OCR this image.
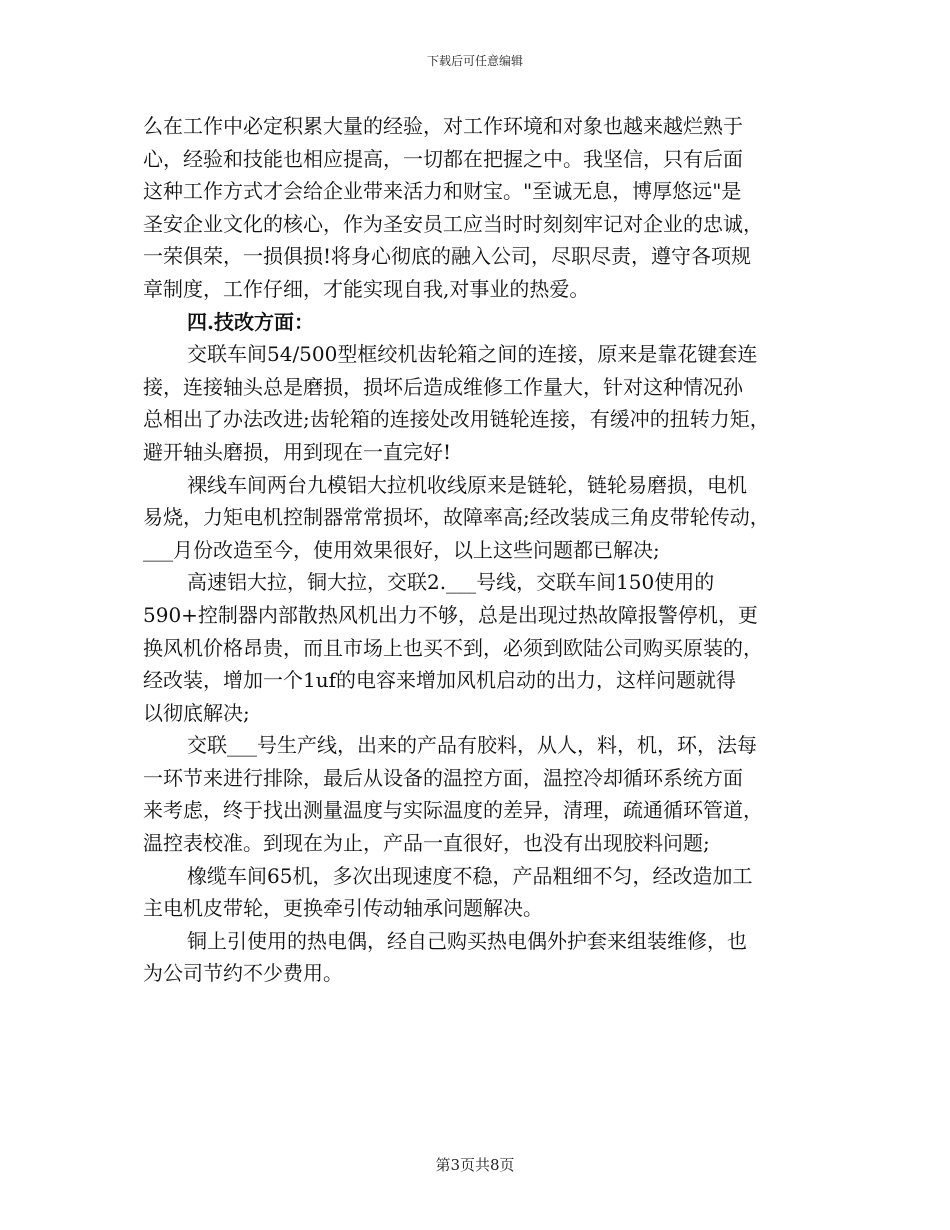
下载后可任意编辑
么在工作中必定积累大量的经验，对工作环境和对象也越来越烂熟于
心，经验和技能也相应提高，一切都在把握之中。我坚信，只有后面
这种工作方式才会给企业带来活力和财宝。"至诚无息，博厚悠远"是
圣安企业文化的核心，作为圣安员工应当时时刻刻牢记对企业的忠诚，
一荣俱荣，一损俱损!将身心彻底的融入公司，尽职尽责，遵守各项规
章制度，工作仔细，才能实现自我,对事业的热爱。
四.技改方面：
交联车间54/500型框绞机齿轮箱之间的连接，原来是靠花键套连
接，连接轴头总是磨损，损坏后造成维修工作量大，针对这种情况孙
总相出了办法改进;齿轮箱的连接处改用链轮连接，有缓冲的扭转力矩，
避开轴头磨损，用到现在一直完好!
裸线车间两台九模铝大拉机收线原来是链轮，链轮易磨损，电机
易烧，力矩电机控制器常常损坏，故障率高;经改装成三角皮带轮传动，
___月份改造至今，使用效果很好，以上这些问题都已解决;
高速铝大拉，铜大拉，交联2.___号线，交联车间150使用的
590+控制器内部散热风机出力不够，总是出现过热故障报警停机，更
换风机价格昂贵，而且市场上也买不到，必须到欧陆公司购买原装的，
经改装，增加一个1uf的电容来增加风机启动的出力，这样问题就得
以彻底解决;
交联___号生产线，出来的产品有胶料，从人，料，机，环，法每
一环节来进行排除，最后从设备的温控方面，温控冷却循环系统方面
来考虑，终于找出测量温度与实际温度的差异，清理，疏通循环管道，
温控表校准。到现在为止，产品一直很好，也没有出现胶料问题;
橡缆车间65机，多次出现速度不稳，产品粗细不匀，经改造加工
主电机皮带轮，更换牵引传动轴承问题解决。
铜上引使用的热电偶，经自己购买热电偶外护套来组装维修，也
为公司节约不少费用。
第3页共8页
